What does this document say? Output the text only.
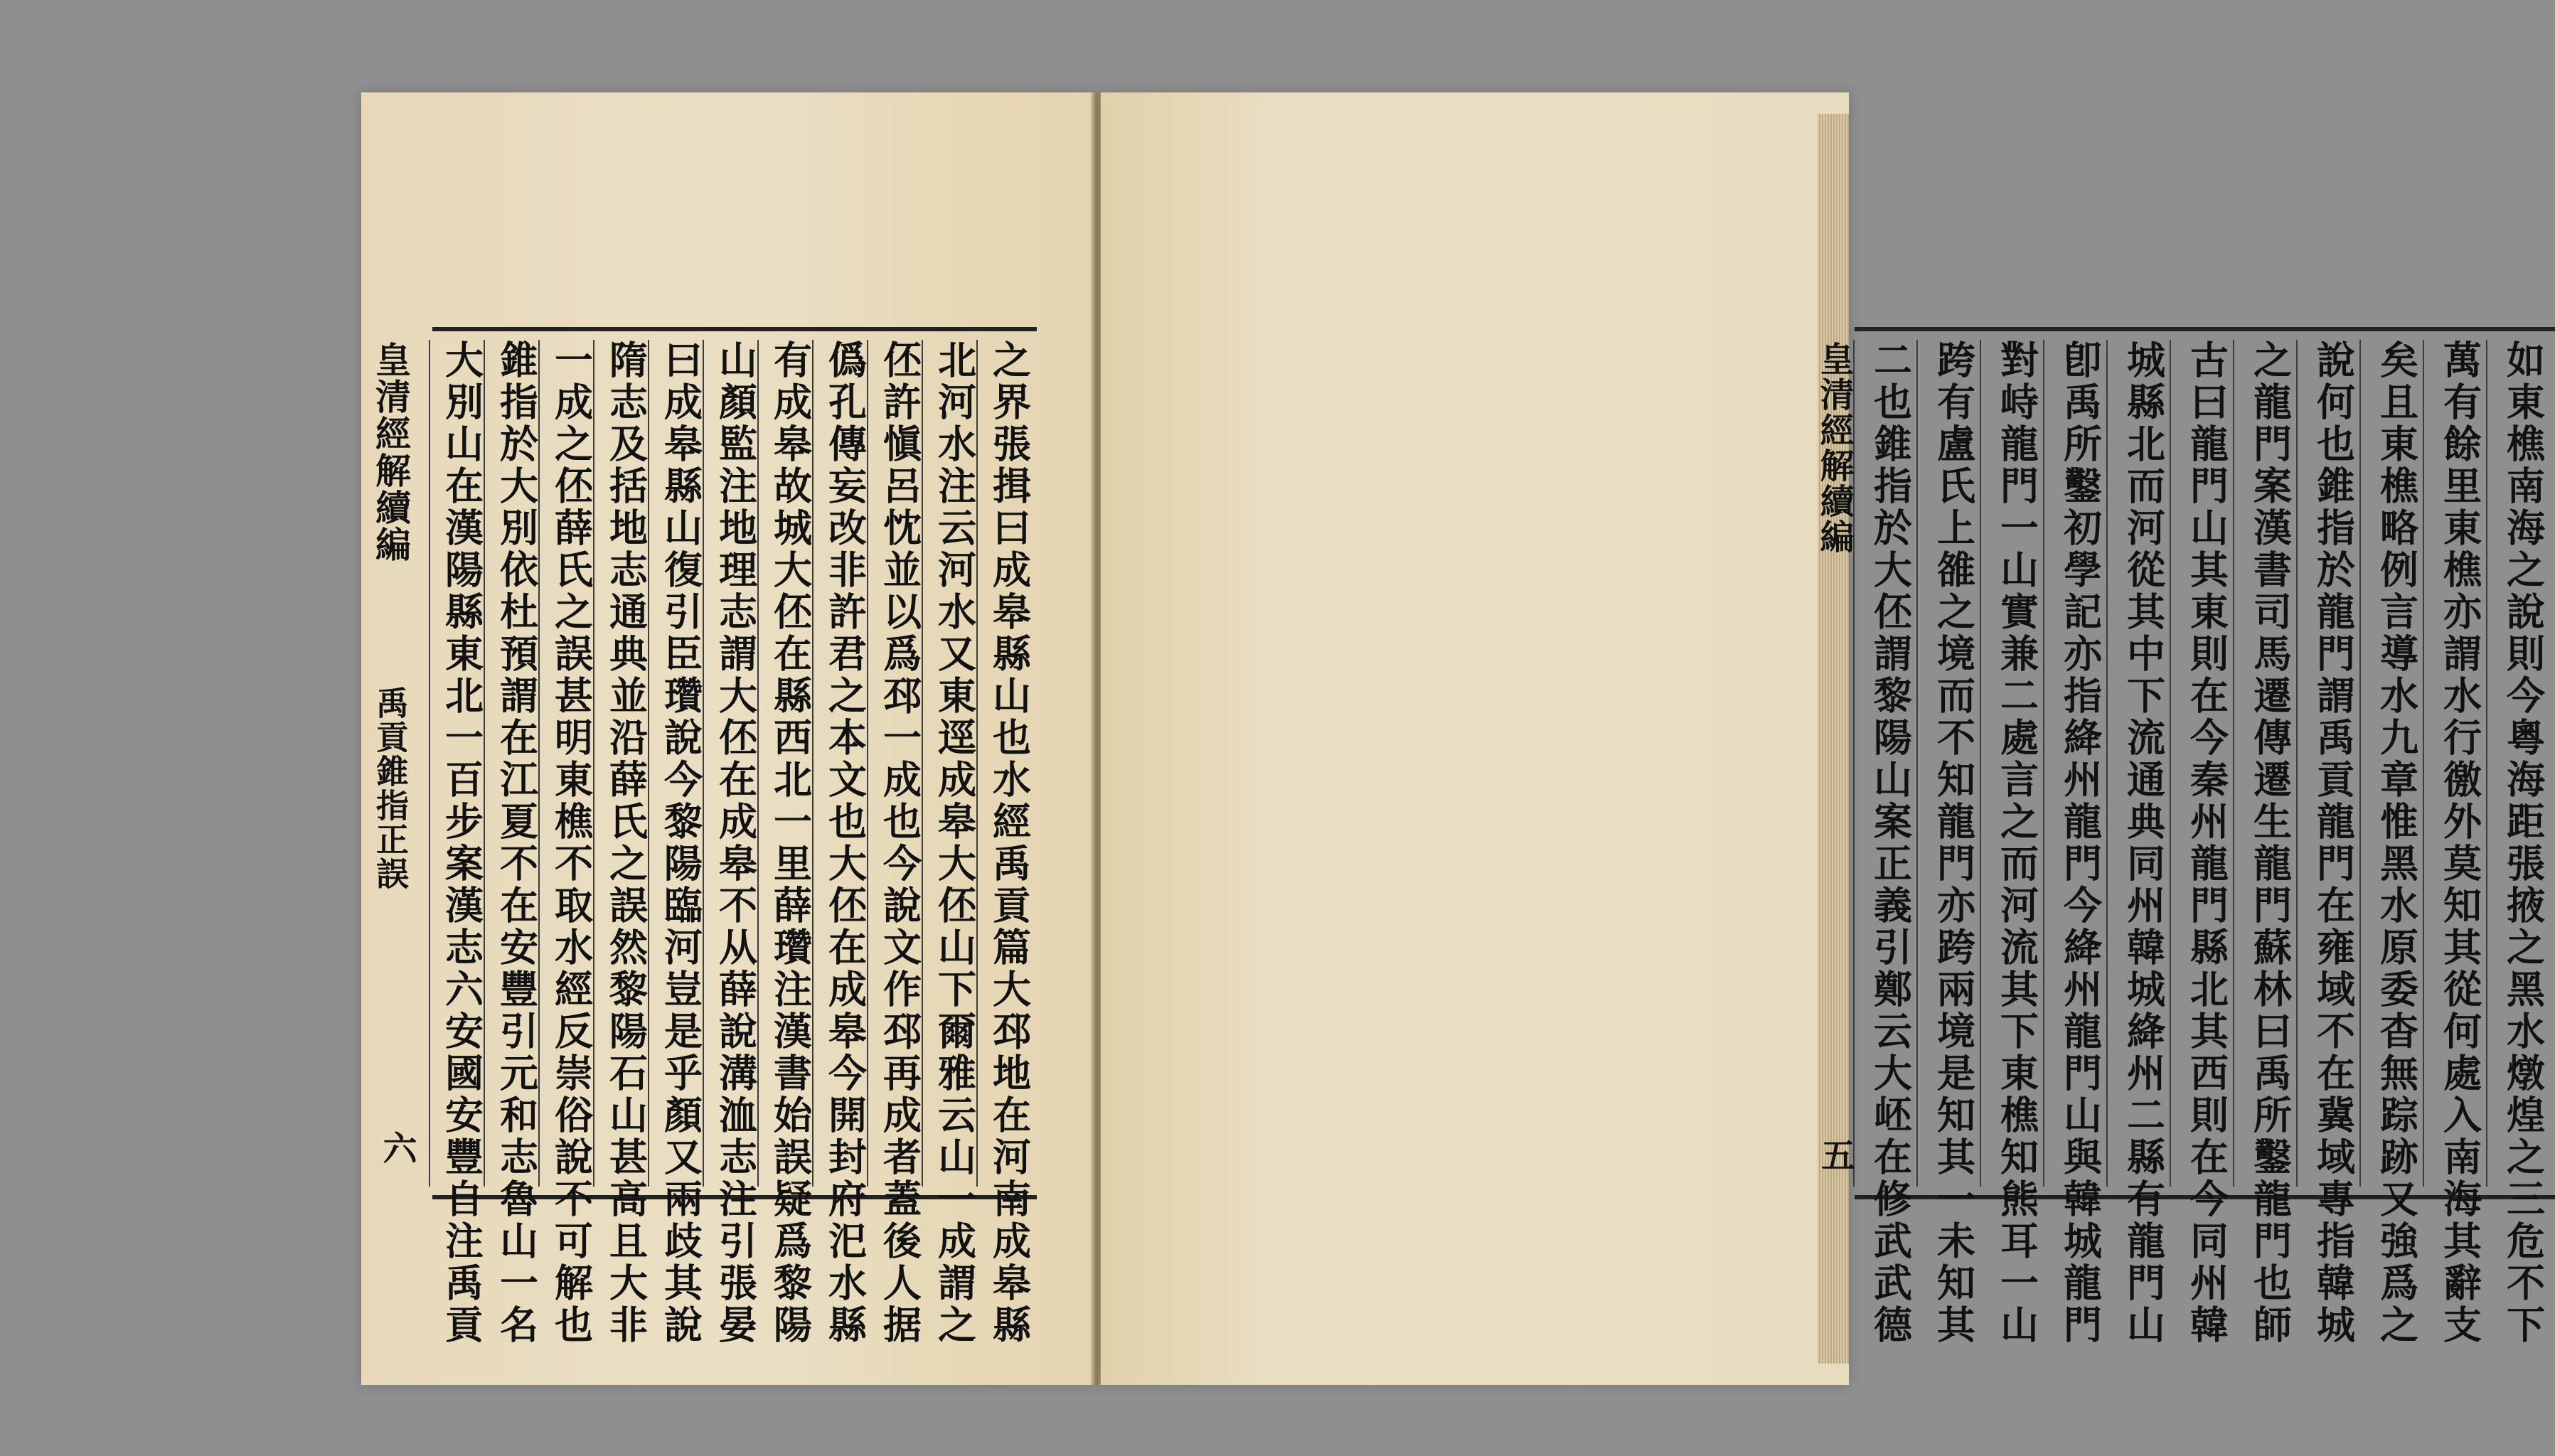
皇清經解續編
禹貢錐指正誤
六	之界張揖曰成皋縣山也水經禹貢篇大邳地在河南成皋縣
北河水注云河水又東逕成皋大伾山下爾雅云山一成謂之
伾許愼呂忱並以爲邳一成也今說文作邳再成者蓋後人据
僞孔傳妄改非許君之本文也大伾在成皋今開封府汜水縣
有成皋故城大伾在縣西北一里薛瓚注漢書始誤疑爲黎陽
山顏監注地理志謂大伾在成皋不从薛說溝洫志注引張晏
曰成皋縣山復引臣瓚說今黎陽臨河豈是乎顏又兩歧其說
隋志及括地志通典並沿薛氏之誤然黎陽石山甚高且大非
一成之伾薛氏之誤甚明東樵不取水經反崇俗說不可解也
錐指於大別依杜預謂在江夏不在安豐引元和志魯山一名
大別山在漢陽縣東北一百步案漢志六安國安豐自注禹貢	如東樵南海之說則今粵海距張掖之黑水燉煌之三危不下
萬有餘里東樵亦謂水行徼外莫知其從何處入南海其辭支
矣且東樵略例言導水九章惟黑水原委杳無踪跡又強爲之
說何也錐指於龍門謂禹貢龍門在雍域不在冀域專指韓城
之龍門案漢書司馬遷傳遷生龍門蘇林曰禹所鑿龍門也師
古曰龍門山其東則在今秦州龍門縣北其西則在今同州韓
城縣北而河從其中下流通典同州韓城絳州二縣有龍門山
卽禹所鑿初學記亦指絳州龍門今絳州龍門山與韓城龍門
對峙龍門一山實兼二處言之而河流其下東樵知熊耳一山
跨有盧氏上雒之境而不知龍門亦跨兩境是知其一未知其
二也錐指於大伾謂黎陽山案正義引鄭云大岯在修武武德
皇清經解續編
五
